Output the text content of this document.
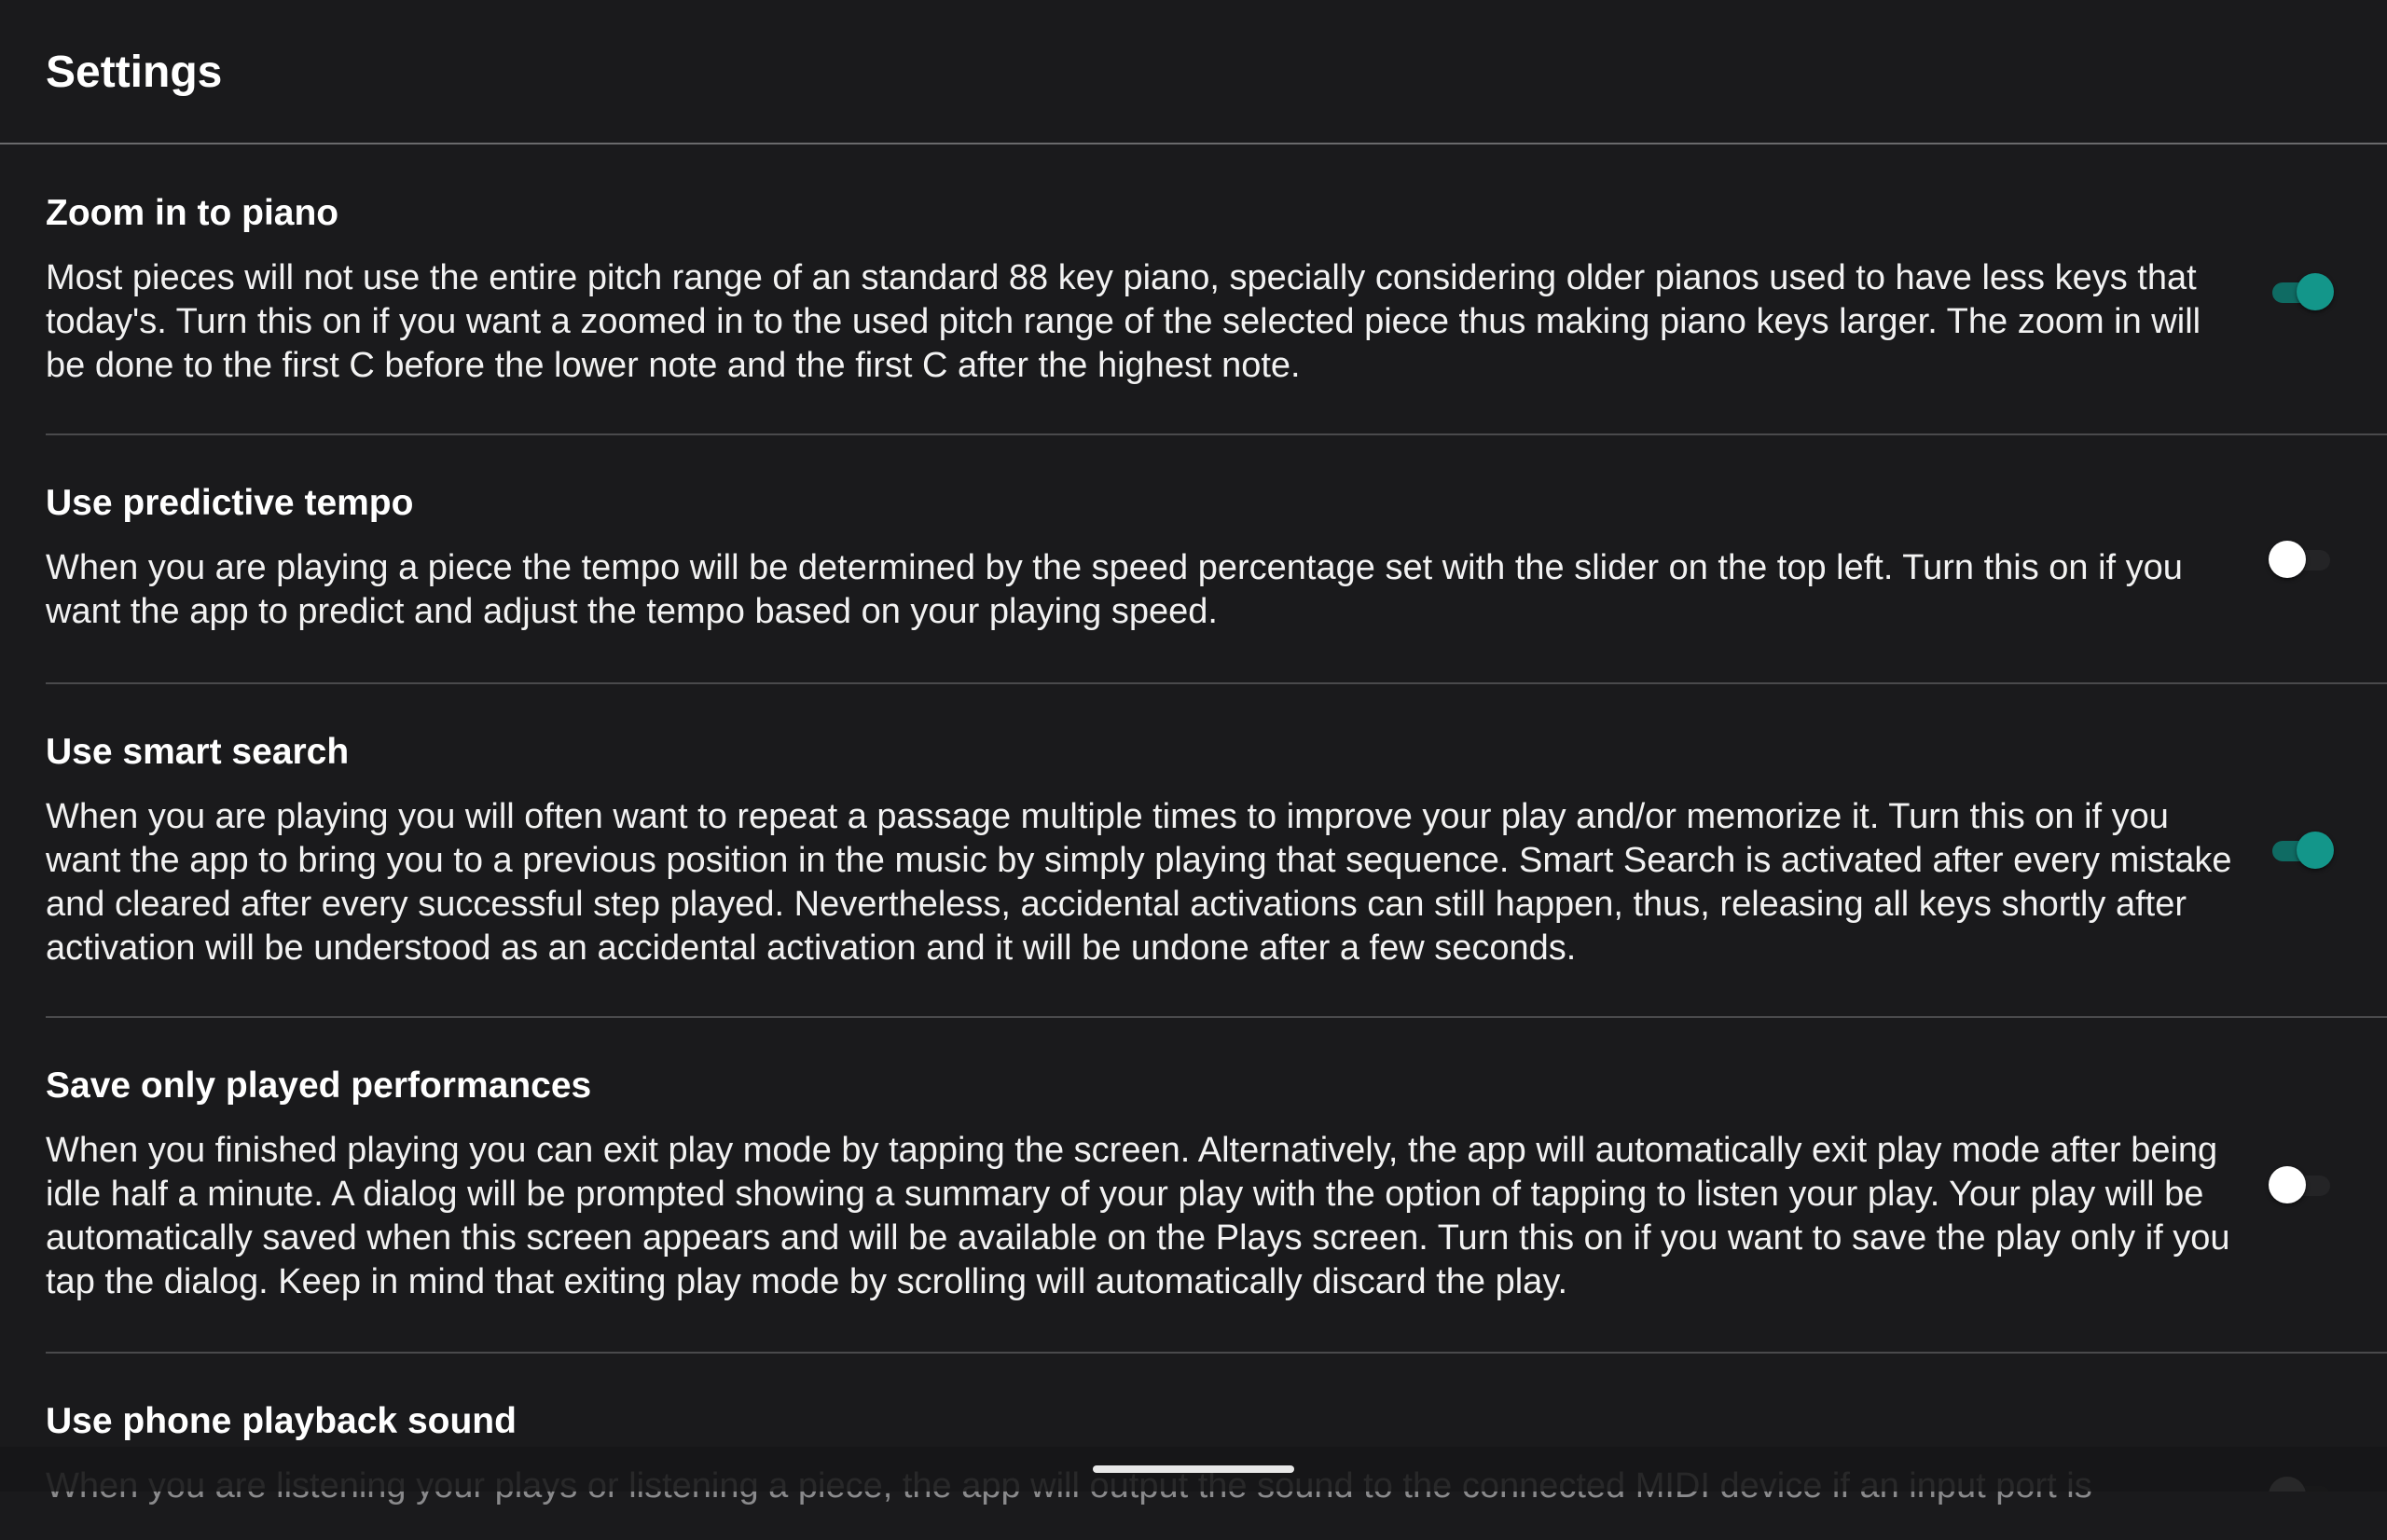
Settings

Zoom in to piano

Most pieces will not use the entire pitch range of an standard 88 key piano, specially considering older pianos used to have less keys that today's. Turn this on if you want a zoomed in to the used pitch range of the selected piece thus making piano keys larger. The zoom in will be done to the first C before the lower note and the first C after the highest note.

Use predictive tempo

When you are playing a piece the tempo will be determined by the speed percentage set with the slider on the top left. Turn this on if you want the app to predict and adjust the tempo based on your playing speed.

Use smart search

When you are playing you will often want to repeat a passage multiple times to improve your play and/or memorize it. Turn this on if you want the app to bring you to a previous position in the music by simply playing that sequence. Smart Search is activated after every mistake and cleared after every successful step played. Nevertheless, accidental activations can still happen, thus, releasing all keys shortly after activation will be understood as an accidental activation and it will be undone after a few seconds.

Save only played performances

When you finished playing you can exit play mode by tapping the screen. Alternatively, the app will automatically exit play mode after being idle half a minute. A dialog will be prompted showing a summary of your play with the option of tapping to listen your play. Your play will be automatically saved when this screen appears and will be available on the Plays screen. Turn this on if you want to save the play only if you tap the dialog. Keep in mind that exiting play mode by scrolling will automatically discard the play.

Use phone playback sound
